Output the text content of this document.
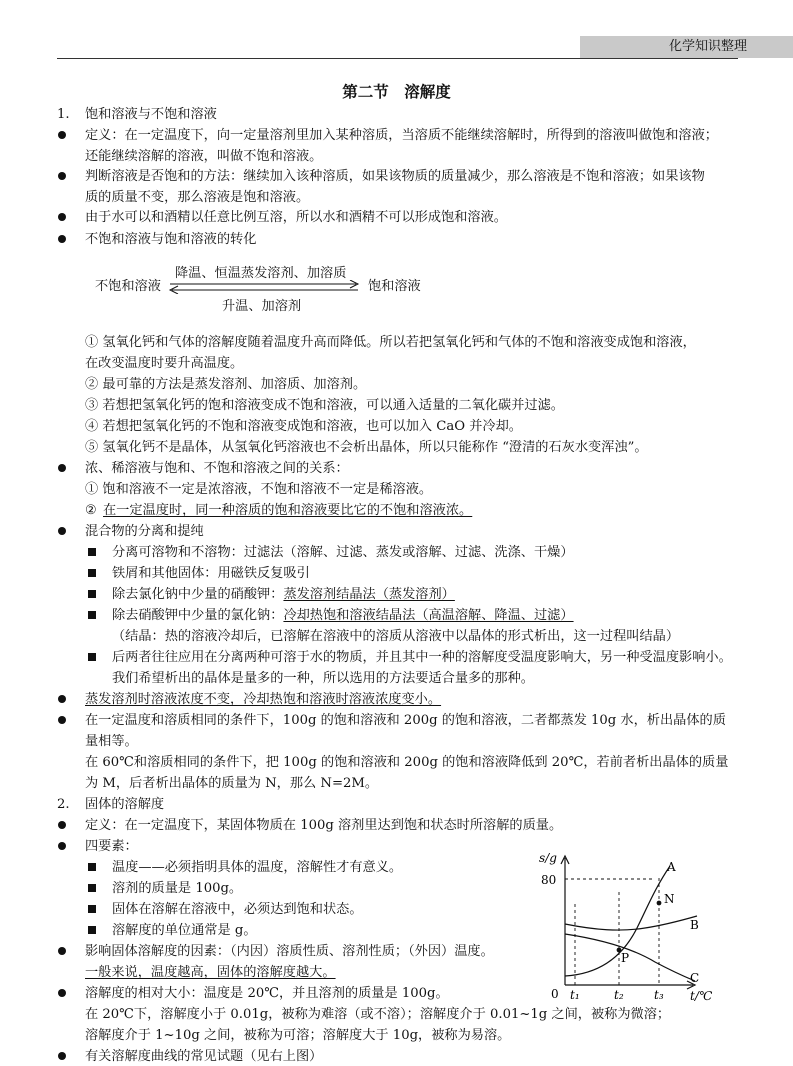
化学知识整理
第二节　溶解度
1. 饱和溶液与不饱和溶液
定义：在一定温度下，向一定量溶剂里加入某种溶质，当溶质不能继续溶解时，所得到的溶液叫做饱和溶液；
还能继续溶解的溶液，叫做不饱和溶液。
判断溶液是否饱和的方法：继续加入该种溶质，如果该物质的质量减少，那么溶液是不饱和溶液；如果该物
质的质量不变，那么溶液是饱和溶液。
由于水可以和酒精以任意比例互溶，所以水和酒精不可以形成饱和溶液。
不饱和溶液与饱和溶液的转化
降温、恒温蒸发溶剂、加溶质
不饱和溶液	饱和溶液
升温、加溶剂
① 氢氧化钙和气体的溶解度随着温度升高而降低。所以若把氢氧化钙和气体的不饱和溶液变成饱和溶液，
在改变温度时要升高温度。
② 最可靠的方法是蒸发溶剂、加溶质、加溶剂。
③ 若想把氢氧化钙的饱和溶液变成不饱和溶液，可以通入适量的二氧化碳并过滤。
④ 若想把氢氧化钙的不饱和溶液变成饱和溶液，也可以加入 CaO 并冷却。
⑤ 氢氧化钙不是晶体，从氢氧化钙溶液也不会析出晶体，所以只能称作 “澄清的石灰水变浑浊”。
浓、稀溶液与饱和、不饱和溶液之间的关系：
① 饱和溶液不一定是浓溶液，不饱和溶液不一定是稀溶液。
② 在一定温度时，同一种溶质的饱和溶液要比它的不饱和溶液浓。
混合物的分离和提纯
分离可溶物和不溶物：过滤法（溶解、过滤、蒸发或溶解、过滤、洗涤、干燥）
铁屑和其他固体：用磁铁反复吸引
除去氯化钠中少量的硝酸钾：蒸发溶剂结晶法（蒸发溶剂）
除去硝酸钾中少量的氯化钠：冷却热饱和溶液结晶法（高温溶解、降温、过滤）
（结晶：热的溶液冷却后，已溶解在溶液中的溶质从溶液中以晶体的形式析出，这一过程叫结晶）
后两者往往应用在分离两种可溶于水的物质，并且其中一种的溶解度受温度影响大，另一种受温度影响小。
我们希望析出的晶体是量多的一种，所以选用的方法要适合量多的那种。
蒸发溶剂时溶液浓度不变，冷却热饱和溶液时溶液浓度变小。
在一定温度和溶质相同的条件下，100g 的饱和溶液和 200g 的饱和溶液，二者都蒸发 10g 水，析出晶体的质
量相等。
在 60℃和溶质相同的条件下，把 100g 的饱和溶液和 200g 的饱和溶液降低到 20℃，若前者析出晶体的质量
为 M，后者析出晶体的质量为 N，那么 N=2M。
2. 固体的溶解度
定义：在一定温度下，某固体物质在 100g 溶剂里达到饱和状态时所溶解的质量。
四要素：
温度——必须指明具体的温度，溶解性才有意义。
溶剂的质量是 100g。
固体在溶解在溶液中，必须达到饱和状态。
溶解度的单位通常是 g。
影响固体溶解度的因素：（内因）溶质性质、溶剂性质；（外因）温度。
一般来说，温度越高，固体的溶解度越大。
溶解度的相对大小：温度是 20℃，并且溶剂的质量是 100g。
在 20℃下，溶解度小于 0.01g，被称为难溶（或不溶）；溶解度介于 0.01~1g 之间，被称为微溶；
溶解度介于 1~10g 之间，被称为可溶；溶解度大于 10g，被称为易溶。
有关溶解度曲线的常见试题（见右上图）
s/g
80
0 t₁	t₂	t₃ t/℃
A
B
C
N
P
